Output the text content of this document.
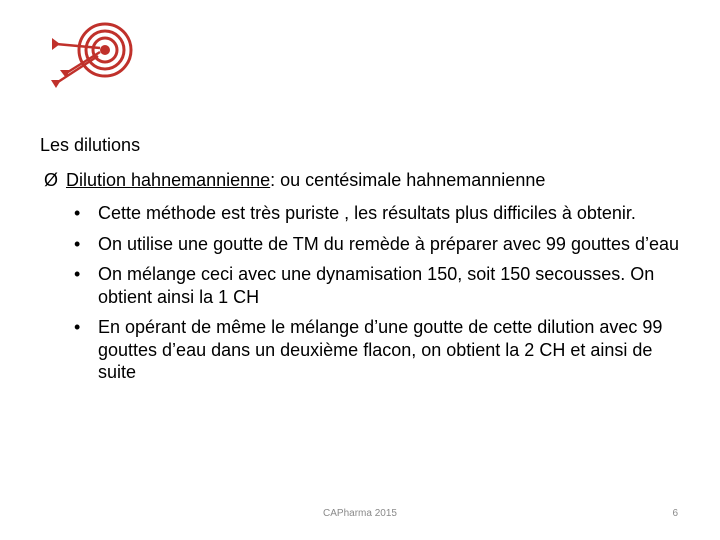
Les dilutions
Ø Dilution hahnemannienne: ou centésimale hahnemannienne
• Cette méthode est très puriste , les résultats plus difficiles à obtenir.
• On utilise une goutte de TM du remède à préparer avec 99 gouttes d’eau
• On mélange ceci avec une dynamisation 150, soit 150 secousses. On obtient ainsi la 1 CH
• En opérant de même le mélange d’une goutte de cette dilution avec 99 gouttes d’eau dans un deuxième flacon, on obtient la 2 CH et ainsi de suite
CAPharma 2015	6
